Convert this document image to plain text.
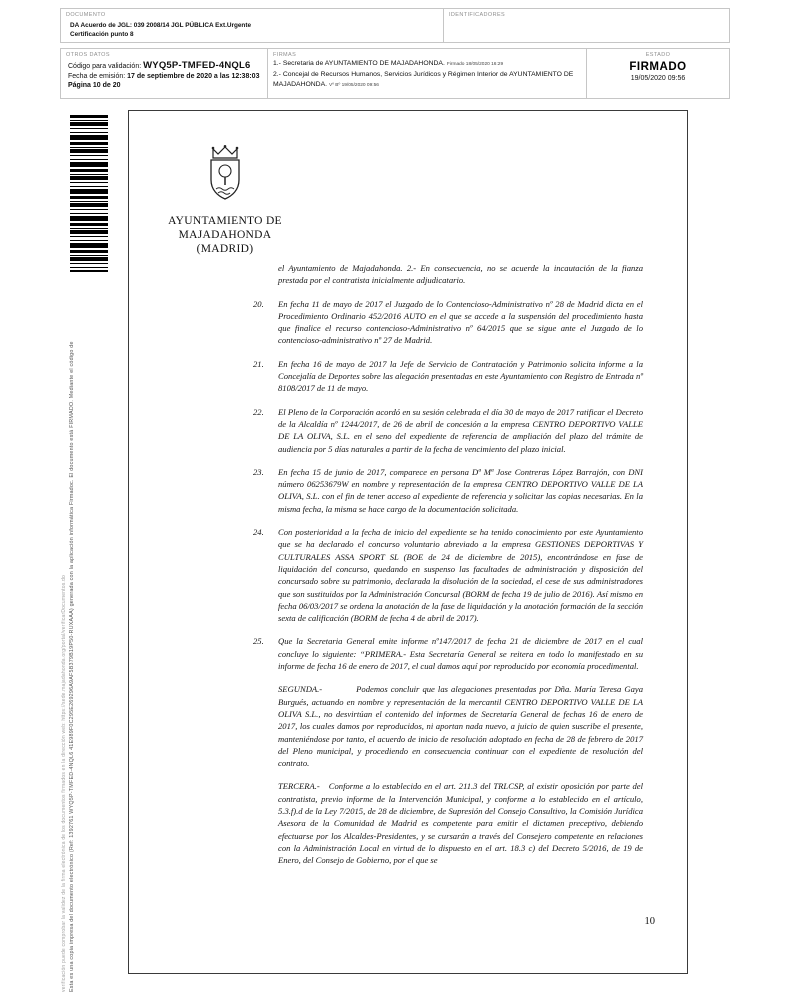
DOCUMENTO
DA Acuerdo de JGL: 039 2008/14 JGL PÚBLICA Ext.Urgente
Certificación punto 8
IDENTIFICADORES
OTROS DATOS
Código para validación: WYQ5P-TMFED-4NQL6
Fecha de emisión: 17 de septiembre de 2020 a las 12:38:03
Página 10 de 20
FIRMAS
1.- Secretaria de AYUNTAMIENTO DE MAJADAHONDA. Firmado 18/05/2020 16:29
2.- Concejal de Recursos Humanos, Servicios Jurídicos y Régimen Interior de AYUNTAMIENTO DE MAJADAHONDA. Vº Bº 19/05/2020 09:56
ESTADO
FIRMADO
19/05/2020 09:56
Esta es una copia impresa del documento electrónico (Ref: 1392761 WYQ5P-TMFED-4NQL6 41E989F0C295E269296A9AF5B379B19P50-RUXAAA) generada con la aplicación informática Firmadoc. El documento está FIRMADO. Mediante el código de
verificación puede comprobar la validez de la firma electrónica de los documentos firmados en la dirección web: https://sede.majadahonda.org/portal/verificarDocumentos.do
AYUNTAMIENTO DE
MAJADAHONDA
(MADRID)
el Ayuntamiento de Majadahonda. 2.- En consecuencia, no se acuerde la incautación de la fianza prestada por el contratista inicialmente adjudicatario.
20.	En fecha 11 de mayo de 2017 el Juzgado de lo Contencioso-Administrativo nº 28 de Madrid dicta en el Procedimiento Ordinario 452/2016 AUTO en el que se accede a la suspensión del procedimiento hasta que finalice el recurso contencioso-Administrativo nº 64/2015 que se sigue ante el Juzgado de lo contencioso-administrativo nº 27 de Madrid.
21.	En fecha 16 de mayo de 2017 la Jefe de Servicio de Contratación y Patrimonio solicita informe a la Concejalía de Deportes sobre las alegación presentadas en este Ayuntamiento con Registro de Entrada nº 8108/2017 de 11 de mayo.
22.	El Pleno de la Corporación acordó en su sesión celebrada el día 30 de mayo de 2017 ratificar el Decreto de la Alcaldía nº 1244/2017, de 26 de abril de concesión a la empresa CENTRO DEPORTIVO VALLE DE LA OLIVA, S.L. en el seno del expediente de referencia de ampliación del plazo del trámite de audiencia por 5 días naturales a partir de la fecha de vencimiento del plazo inicial.
23.	En fecha 15 de junio de 2017, comparece en persona Dª Mª Jose Contreras López Barrajón, con DNI número 06253679W en nombre y representación de la empresa CENTRO DEPORTIVO VALLE DE LA OLIVA, S.L. con el fin de tener acceso al expediente de referencia y solicitar las copias necesarias. En la misma fecha, la misma se hace cargo de la documentación solicitada.
24.	Con posterioridad a la fecha de inicio del expediente se ha tenido conocimiento por este Ayuntamiento que se ha declarado el concurso voluntario abreviado a la empresa GESTIONES DEPORTIVAS Y CULTURALES ASSA SPORT SL (BOE de 24 de diciembre de 2015), encontrándose en fase de liquidación del concurso, quedando en suspenso las facultades de administración y disposición del concursado sobre su patrimonio, declarada la disolución de la sociedad, el cese de sus administradores que son sustituidos por la Administración Concursal (BORM de fecha 19 de julio de 2016). Así mismo en fecha 06/03/2017 se ordena la anotación de la fase de liquidación y la anotación formación de la sección sexta de calificación (BORM de fecha 4 de abril de 2017).
25.	Que la Secretaria General emite informe nº147/2017 de fecha 21 de diciembre de 2017 en el cual concluye lo siguiente: “PRIMERA.- Esta Secretaría General se reitera en todo lo manifestado en su informe de fecha 16 de enero de 2017, el cual damos aquí por reproducido por economía procedimental.
SEGUNDA.-	Podemos concluir que las alegaciones presentadas por Dña. María Teresa Gaya Burgués, actuando en nombre y representación de la mercantil CENTRO DEPORTIVO VALLE DE LA OLIVA S.L., no desvirtúan el contenido del informes de Secretaría General de fechas 16 de enero de 2017, los cuales damos por reproducidos, ni aportan nada nuevo, a juicio de quien suscribe el presente, manteniéndose por tanto, el acuerdo de inicio de resolución adoptado en fecha de 28 de febrero de 2017 del Pleno municipal, y procediendo en consecuencia continuar con el expediente de resolución del contrato.
TERCERA.- Conforme a lo establecido en el art. 211.3 del TRLCSP, al existir oposición por parte del contratista, previo informe de la Intervención Municipal, y conforme a lo establecido en el artículo, 5.3.f).d de la Ley 7/2015, de 28 de diciembre, de Supresión del Consejo Consultivo, la Comisión Jurídica Asesora de la Comunidad de Madrid es competente para emitir el dictamen preceptivo, debiendo efectuarse por los Alcaldes-Presidentes, y se cursarán a través del Consejero competente en relaciones con la Administración Local en virtud de lo dispuesto en el art. 18.3 c) del Decreto 5/2016, de 19 de Enero, del Consejo de Gobierno, por el que se
10
